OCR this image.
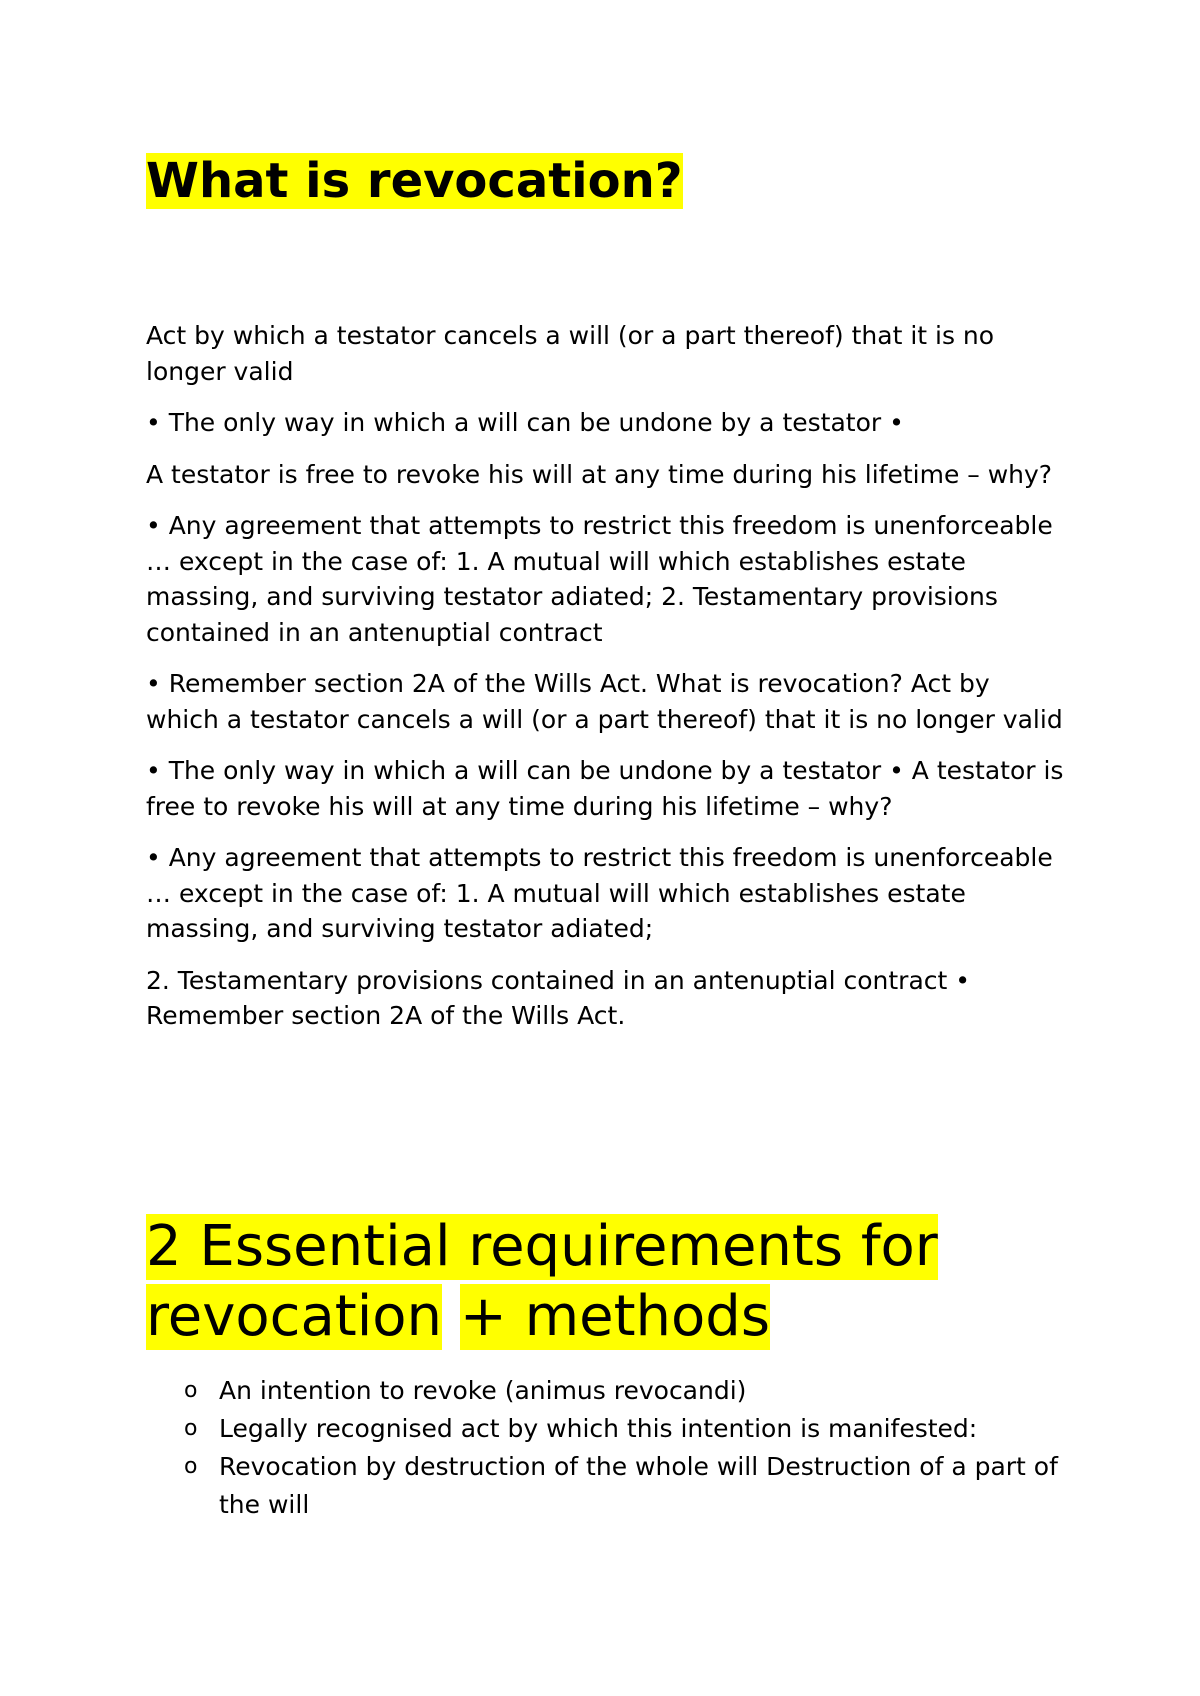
What is revocation?

Act by which a testator cancels a will (or a part thereof) that it is no longer valid

• The only way in which a will can be undone by a testator •

A testator is free to revoke his will at any time during his lifetime – why?

• Any agreement that attempts to restrict this freedom is unenforceable … except in the case of: 1. A mutual will which establishes estate massing, and surviving testator adiated; 2. Testamentary provisions contained in an antenuptial contract

• Remember section 2A of the Wills Act. What is revocation? Act by which a testator cancels a will (or a part thereof) that it is no longer valid

• The only way in which a will can be undone by a testator • A testator is free to revoke his will at any time during his lifetime – why?

• Any agreement that attempts to restrict this freedom is unenforceable … except in the case of: 1. A mutual will which establishes estate massing, and surviving testator adiated;

2. Testamentary provisions contained in an antenuptial contract • Remember section 2A of the Wills Act.

2 Essential requirements for
revocation + methods
o An intention to revoke (animus revocandi)
o Legally recognised act by which this intention is manifested:
o Revocation by destruction of the whole will Destruction of a part of the will
